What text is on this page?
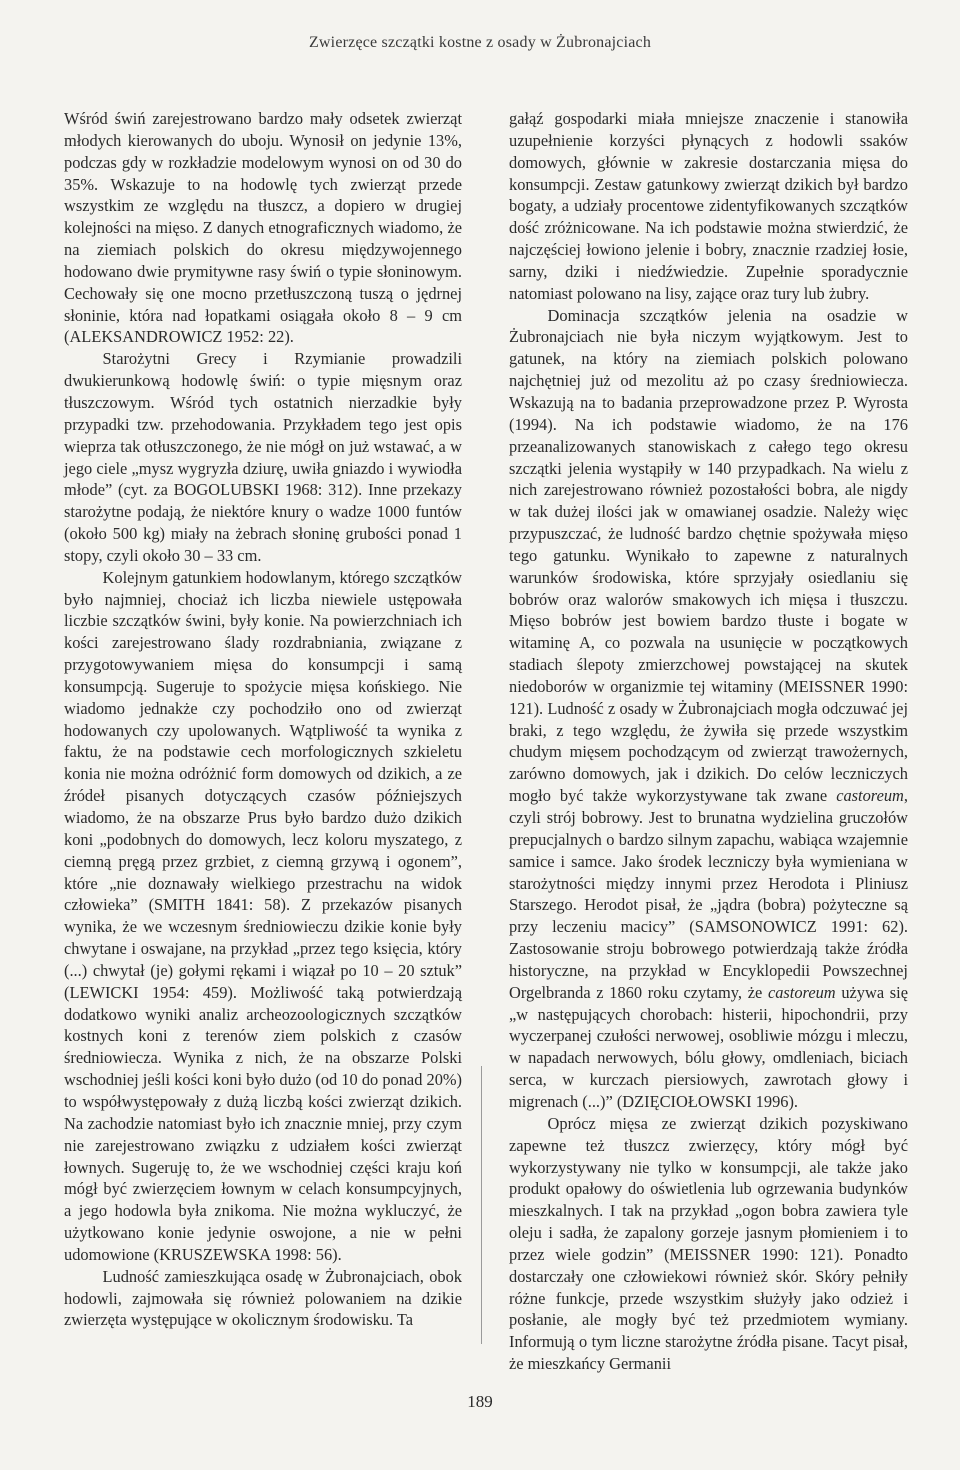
Zwierzęce szczątki kostne z osady w Żubronajciach

Wśród świń zarejestrowano bardzo mały odsetek zwierząt młodych kierowanych do uboju. Wynosił on jedynie 13%, podczas gdy w rozkładzie modelowym wynosi on od 30 do 35%. Wskazuje to na hodowlę tych zwierząt przede wszystkim ze względu na tłuszcz, a dopiero w drugiej kolejności na mięso. Z danych etnograficznych wiadomo, że na ziemiach polskich do okresu międzywojennego hodowano dwie prymitywne rasy świń o typie słoninowym. Cechowały się one mocno przetłuszczoną tuszą o jędrnej słoninie, która nad łopatkami osiągała około 8 – 9 cm (ALEKSANDROWICZ 1952: 22).

Starożytni Grecy i Rzymianie prowadzili dwukierunkową hodowlę świń: o typie mięsnym oraz tłuszczowym. Wśród tych ostatnich nierzadkie były przypadki tzw. przehodowania. Przykładem tego jest opis wieprza tak otłuszczonego, że nie mógł on już wstawać, a w jego ciele „mysz wygryzła dziurę, uwiła gniazdo i wywiodła młode” (cyt. za BOGOLUBSKI 1968: 312). Inne przekazy starożytne podają, że niektóre knury o wadze 1000 funtów (około 500 kg) miały na żebrach słoninę grubości ponad 1 stopy, czyli około 30 – 33 cm.

Kolejnym gatunkiem hodowlanym, którego szczątków było najmniej, chociaż ich liczba niewiele ustępowała liczbie szczątków świni, były konie. Na powierzchniach ich kości zarejestrowano ślady rozdrabniania, związane z przygotowywaniem mięsa do konsumpcji i samą konsumpcją. Sugeruje to spożycie mięsa końskiego. Nie wiadomo jednakże czy pochodziło ono od zwierząt hodowanych czy upolowanych. Wątpliwość ta wynika z faktu, że na podstawie cech morfologicznych szkieletu konia nie można odróżnić form domowych od dzikich, a ze źródeł pisanych dotyczących czasów późniejszych wiadomo, że na obszarze Prus było bardzo dużo dzikich koni „podobnych do domowych, lecz koloru myszatego, z ciemną pręgą przez grzbiet, z ciemną grzywą i ogonem”, które „nie doznawały wielkiego przestrachu na widok człowieka” (SMITH 1841: 58). Z przekazów pisanych wynika, że we wczesnym średniowieczu dzikie konie były chwytane i oswajane, na przykład „przez tego księcia, który (...) chwytał (je) gołymi rękami i wiązał po 10 – 20 sztuk” (LEWICKI 1954: 459). Możliwość taką potwierdzają dodatkowo wyniki analiz archeozoologicznych szczątków kostnych koni z terenów ziem polskich z czasów średniowiecza. Wynika z nich, że na obszarze Polski wschodniej jeśli kości koni było dużo (od 10 do ponad 20%) to współwystępowały z dużą liczbą kości zwierząt dzikich. Na zachodzie natomiast było ich znacznie mniej, przy czym nie zarejestrowano związku z udziałem kości zwierząt łownych. Sugeruję to, że we wschodniej części kraju koń mógł być zwierzęciem łownym w celach konsumpcyjnych, a jego hodowla była znikoma. Nie można wykluczyć, że użytkowano konie jedynie oswojone, a nie w pełni udomowione (KRUSZEWSKA 1998: 56).

Ludność zamieszkująca osadę w Żubronajciach, obok hodowli, zajmowała się również polowaniem na dzikie zwierzęta występujące w okolicznym środowisku. Ta

gałąź gospodarki miała mniejsze znaczenie i stanowiła uzupełnienie korzyści płynących z hodowli ssaków domowych, głównie w zakresie dostarczania mięsa do konsumpcji. Zestaw gatunkowy zwierząt dzikich był bardzo bogaty, a udziały procentowe zidentyfikowanych szczątków dość zróżnicowane. Na ich podstawie można stwierdzić, że najczęściej łowiono jelenie i bobry, znacznie rzadziej łosie, sarny, dziki i niedźwiedzie. Zupełnie sporadycznie natomiast polowano na lisy, zające oraz tury lub żubry.

Dominacja szczątków jelenia na osadzie w Żubronajciach nie była niczym wyjątkowym. Jest to gatunek, na który na ziemiach polskich polowano najchętniej już od mezolitu aż po czasy średniowiecza. Wskazują na to badania przeprowadzone przez P. Wyrosta (1994). Na ich podstawie wiadomo, że na 176 przeanalizowanych stanowiskach z całego tego okresu szczątki jelenia wystąpiły w 140 przypadkach. Na wielu z nich zarejestrowano również pozostałości bobra, ale nigdy w tak dużej ilości jak w omawianej osadzie. Należy więc przypuszczać, że ludność bardzo chętnie spożywała mięso tego gatunku. Wynikało to zapewne z naturalnych warunków środowiska, które sprzyjały osiedlaniu się bobrów oraz walorów smakowych ich mięsa i tłuszczu. Mięso bobrów jest bowiem bardzo tłuste i bogate w witaminę A, co pozwala na usunięcie w początkowych stadiach ślepoty zmierzchowej powstającej na skutek niedoborów w organizmie tej witaminy (MEISSNER 1990: 121). Ludność z osady w Żubronajciach mogła odczuwać jej braki, z tego względu, że żywiła się przede wszystkim chudym mięsem pochodzącym od zwierząt trawożernych, zarówno domowych, jak i dzikich. Do celów leczniczych mogło być także wykorzystywane tak zwane castoreum, czyli strój bobrowy. Jest to brunatna wydzielina gruczołów prepucjalnych o bardzo silnym zapachu, wabiąca wzajemnie samice i samce. Jako środek leczniczy była wymieniana w starożytności między innymi przez Herodota i Pliniusz Starszego. Herodot pisał, że „jądra (bobra) pożyteczne są przy leczeniu macicy” (SAMSONOWICZ 1991: 62). Zastosowanie stroju bobrowego potwierdzają także źródła historyczne, na przykład w Encyklopedii Powszechnej Orgelbranda z 1860 roku czytamy, że castoreum używa się „w następujących chorobach: histerii, hipochondrii, przy wyczerpanej czułości nerwowej, osobliwie mózgu i mleczu, w napadach nerwowych, bólu głowy, omdleniach, biciach serca, w kurczach piersiowych, zawrotach głowy i migrenach (...)” (DZIĘCIOŁOWSKI 1996).

Oprócz mięsa ze zwierząt dzikich pozyskiwano zapewne też tłuszcz zwierzęcy, który mógł być wykorzystywany nie tylko w konsumpcji, ale także jako produkt opałowy do oświetlenia lub ogrzewania budynków mieszkalnych. I tak na przykład „ogon bobra zawiera tyle oleju i sadła, że zapalony gorzeje jasnym płomieniem i to przez wiele godzin” (MEISSNER 1990: 121). Ponadto dostarczały one człowiekowi również skór. Skóry pełniły różne funkcje, przede wszystkim służyły jako odzież i posłanie, ale mogły być też przedmiotem wymiany. Informują o tym liczne starożytne źródła pisane. Tacyt pisał, że mieszkańcy Germanii

189
